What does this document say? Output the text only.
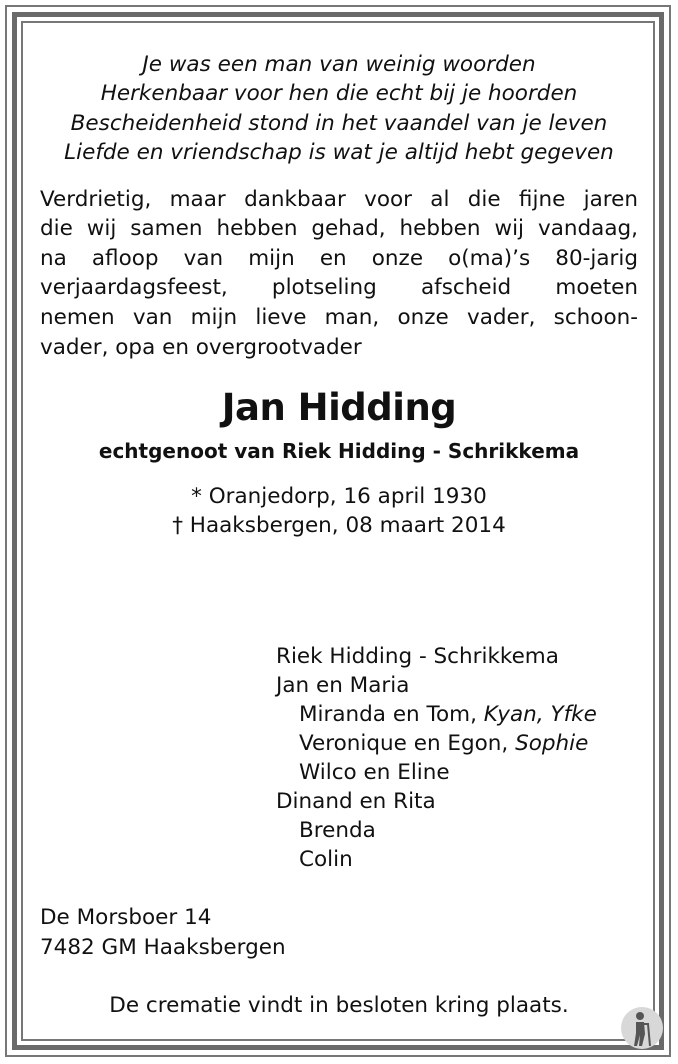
Je was een man van weinig woorden
Herkenbaar voor hen die echt bij je hoorden
Bescheidenheid stond in het vaandel van je leven
Liefde en vriendschap is wat je altijd hebt gegeven
Verdrietig, maar dankbaar voor al die fijne jaren
die wij samen hebben gehad, hebben wij vandaag,
na afloop van mijn en onze o(ma)’s 80-jarig
verjaardagsfeest, plotseling afscheid moeten
nemen van mijn lieve man, onze vader, schoon-
vader, opa en overgrootvader
Jan Hidding
echtgenoot van Riek Hidding - Schrikkema
* Oranjedorp, 16 april 1930
† Haaksbergen, 08 maart 2014
Riek Hidding - Schrikkema
Jan en Maria
Miranda en Tom, Kyan, Yfke
Veronique en Egon, Sophie
Wilco en Eline
Dinand en Rita
Brenda
Colin
De Morsboer 14
7482 GM Haaksbergen
De crematie vindt in besloten kring plaats.
